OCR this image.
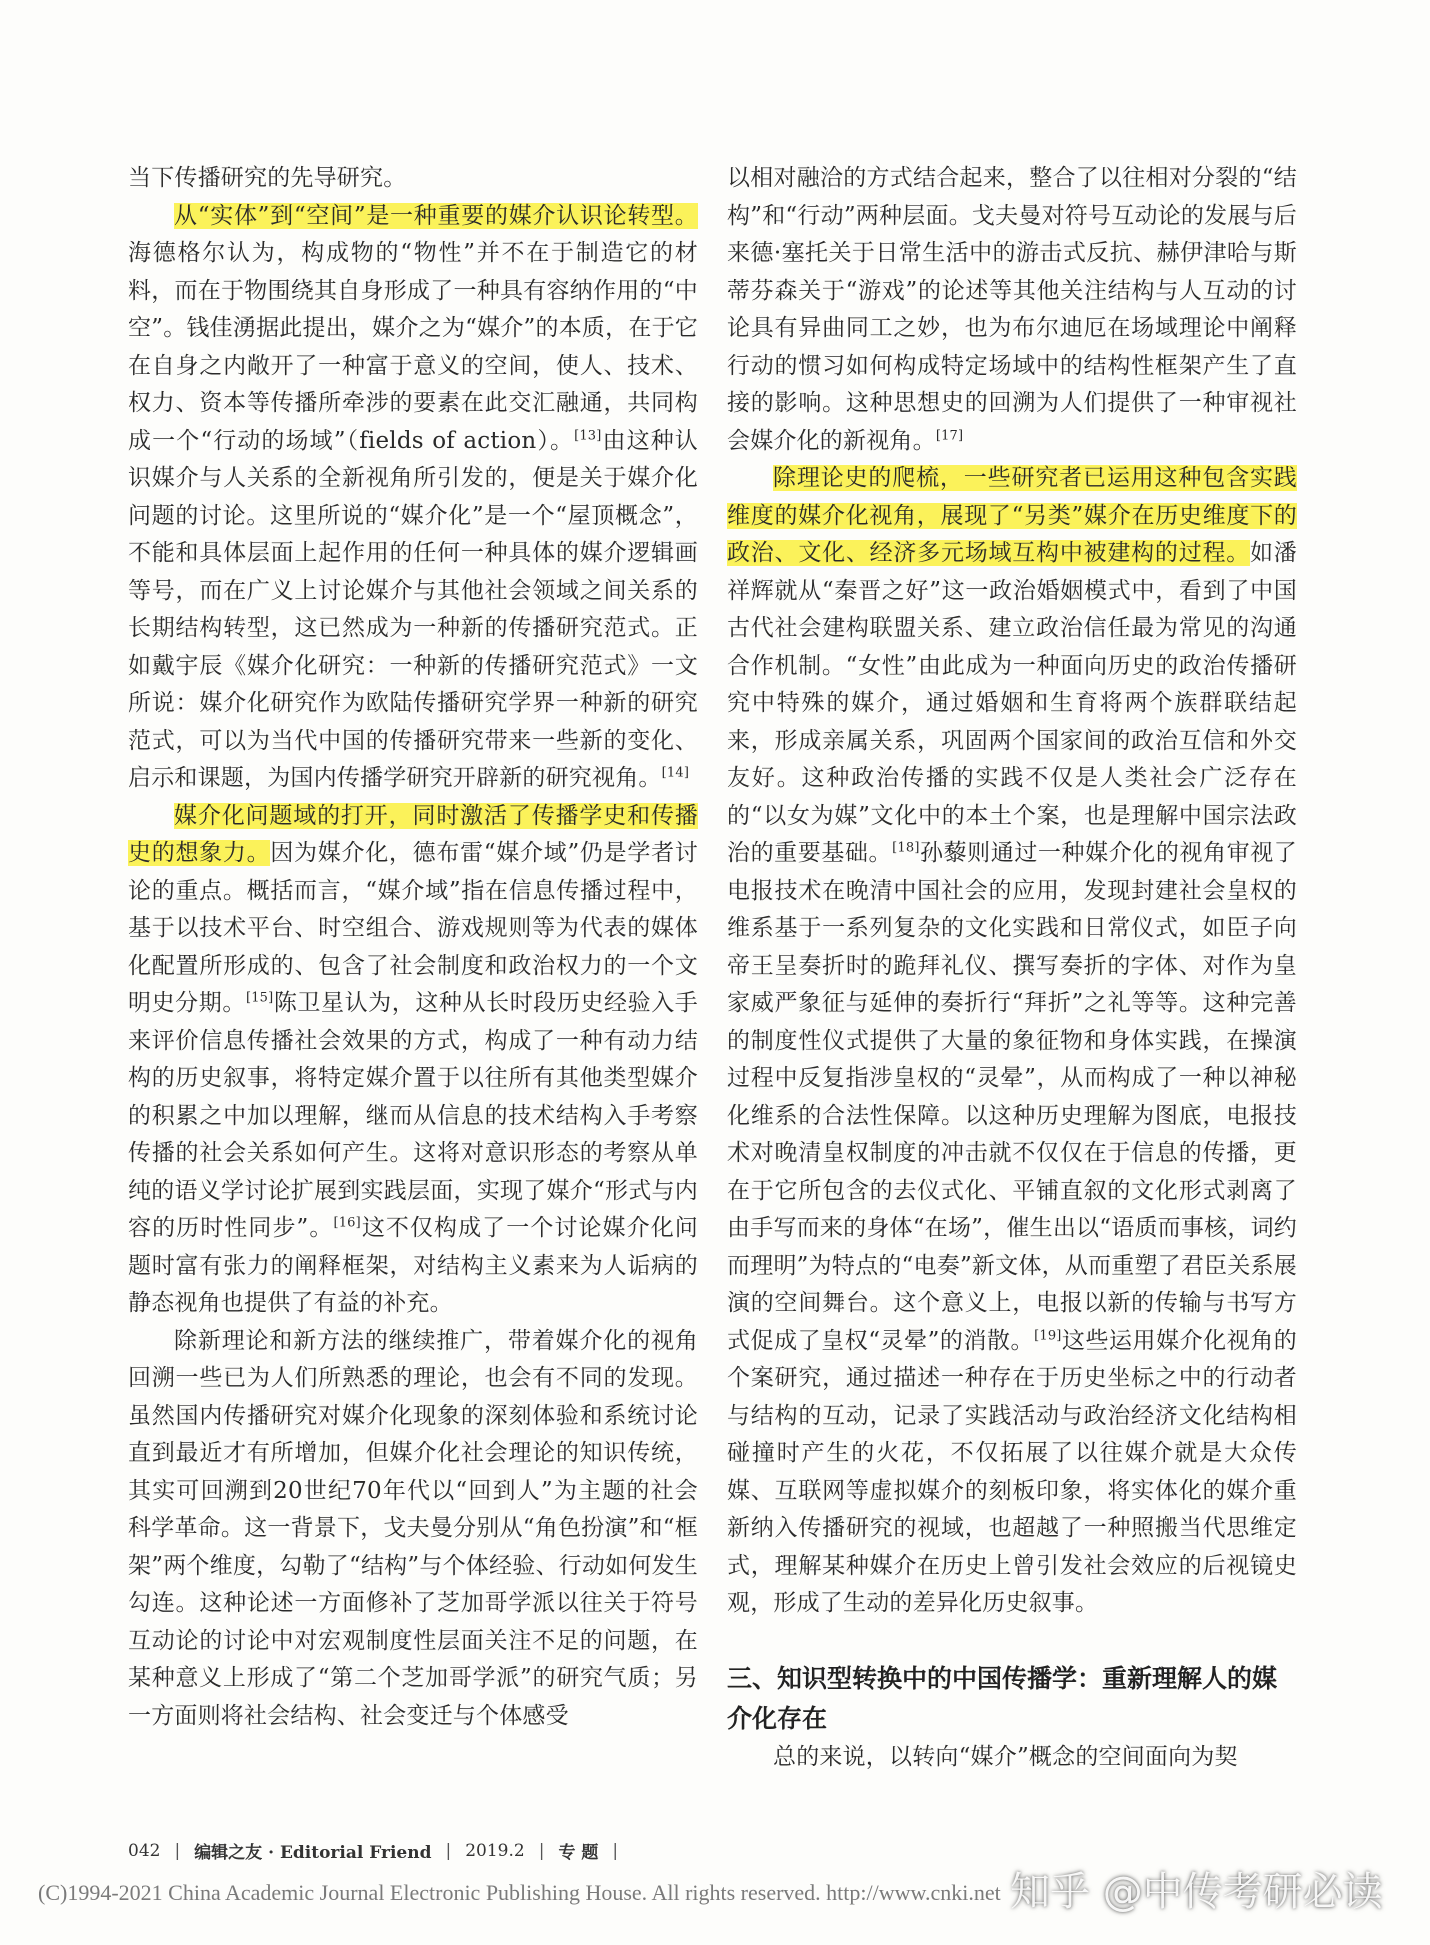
当下传播研究的先导研究。

从“实体”到“空间”是一种重要的媒介认识论转型。海德格尔认为，构成物的“物性”并不在于制造它的材料，而在于物围绕其自身形成了一种具有容纳作用的“中空”。钱佳湧据此提出，媒介之为“媒介”的本质，在于它在自身之内敞开了一种富于意义的空间，使人、技术、权力、资本等传播所牵涉的要素在此交汇融通，共同构成一个“行动的场域”（fields of action）。[13]由这种认识媒介与人关系的全新视角所引发的，便是关于媒介化问题的讨论。这里所说的“媒介化”是一个“屋顶概念”，不能和具体层面上起作用的任何一种具体的媒介逻辑画等号，而在广义上讨论媒介与其他社会领域之间关系的长期结构转型，这已然成为一种新的传播研究范式。正如戴宇辰《媒介化研究：一种新的传播研究范式》一文所说：媒介化研究作为欧陆传播研究学界一种新的研究范式，可以为当代中国的传播研究带来一些新的变化、启示和课题，为国内传播学研究开辟新的研究视角。[14]

媒介化问题域的打开，同时激活了传播学史和传播史的想象力。因为媒介化，德布雷“媒介域”仍是学者讨论的重点。概括而言，“媒介域”指在信息传播过程中，基于以技术平台、时空组合、游戏规则等为代表的媒体化配置所形成的、包含了社会制度和政治权力的一个文明史分期。[15]陈卫星认为，这种从长时段历史经验入手来评价信息传播社会效果的方式，构成了一种有动力结构的历史叙事，将特定媒介置于以往所有其他类型媒介的积累之中加以理解，继而从信息的技术结构入手考察传播的社会关系如何产生。这将对意识形态的考察从单纯的语义学讨论扩展到实践层面，实现了媒介“形式与内容的历时性同步”。[16]这不仅构成了一个讨论媒介化问题时富有张力的阐释框架，对结构主义素来为人诟病的静态视角也提供了有益的补充。

除新理论和新方法的继续推广，带着媒介化的视角回溯一些已为人们所熟悉的理论，也会有不同的发现。虽然国内传播研究对媒介化现象的深刻体验和系统讨论直到最近才有所增加，但媒介化社会理论的知识传统，其实可回溯到20世纪70年代以“回到人”为主题的社会科学革命。这一背景下，戈夫曼分别从“角色扮演”和“框架”两个维度，勾勒了“结构”与个体经验、行动如何发生勾连。这种论述一方面修补了芝加哥学派以往关于符号互动论的讨论中对宏观制度性层面关注不足的问题，在某种意义上形成了“第二个芝加哥学派”的研究气质；另一方面则将社会结构、社会变迁与个体感受

以相对融洽的方式结合起来，整合了以往相对分裂的“结构”和“行动”两种层面。戈夫曼对符号互动论的发展与后来德·塞托关于日常生活中的游击式反抗、赫伊津哈与斯蒂芬森关于“游戏”的论述等其他关注结构与人互动的讨论具有异曲同工之妙，也为布尔迪厄在场域理论中阐释行动的惯习如何构成特定场域中的结构性框架产生了直接的影响。这种思想史的回溯为人们提供了一种审视社会媒介化的新视角。[17]

除理论史的爬梳，一些研究者已运用这种包含实践维度的媒介化视角，展现了“另类”媒介在历史维度下的政治、文化、经济多元场域互构中被建构的过程。如潘祥辉就从“秦晋之好”这一政治婚姻模式中，看到了中国古代社会建构联盟关系、建立政治信任最为常见的沟通合作机制。“女性”由此成为一种面向历史的政治传播研究中特殊的媒介，通过婚姻和生育将两个族群联结起来，形成亲属关系，巩固两个国家间的政治互信和外交友好。这种政治传播的实践不仅是人类社会广泛存在的“以女为媒”文化中的本土个案，也是理解中国宗法政治的重要基础。[18]孙藜则通过一种媒介化的视角审视了电报技术在晚清中国社会的应用，发现封建社会皇权的维系基于一系列复杂的文化实践和日常仪式，如臣子向帝王呈奏折时的跪拜礼仪、撰写奏折的字体、对作为皇家威严象征与延伸的奏折行“拜折”之礼等等。这种完善的制度性仪式提供了大量的象征物和身体实践，在操演过程中反复指涉皇权的“灵晕”，从而构成了一种以神秘化维系的合法性保障。以这种历史理解为图底，电报技术对晚清皇权制度的冲击就不仅仅在于信息的传播，更在于它所包含的去仪式化、平铺直叙的文化形式剥离了由手写而来的身体“在场”，催生出以“语质而事核，词约而理明”为特点的“电奏”新文体，从而重塑了君臣关系展演的空间舞台。这个意义上，电报以新的传输与书写方式促成了皇权“灵晕”的消散。[19]这些运用媒介化视角的个案研究，通过描述一种存在于历史坐标之中的行动者与结构的互动，记录了实践活动与政治经济文化结构相碰撞时产生的火花，不仅拓展了以往媒介就是大众传媒、互联网等虚拟媒介的刻板印象，将实体化的媒介重新纳入传播研究的视域，也超越了一种照搬当代思维定式，理解某种媒介在历史上曾引发社会效应的后视镜史观，形成了生动的差异化历史叙事。

三、知识型转换中的中国传播学：重新理解人的媒介化存在

总的来说，以转向“媒介”概念的空间面向为契

042 | 编辑之友 · Editorial Friend | 2019.2 | 专 题 |
(C)1994-2021 China Academic Journal Electronic Publishing House. All rights reserved. http://www.cnki.net 知乎 @中传考研必读
